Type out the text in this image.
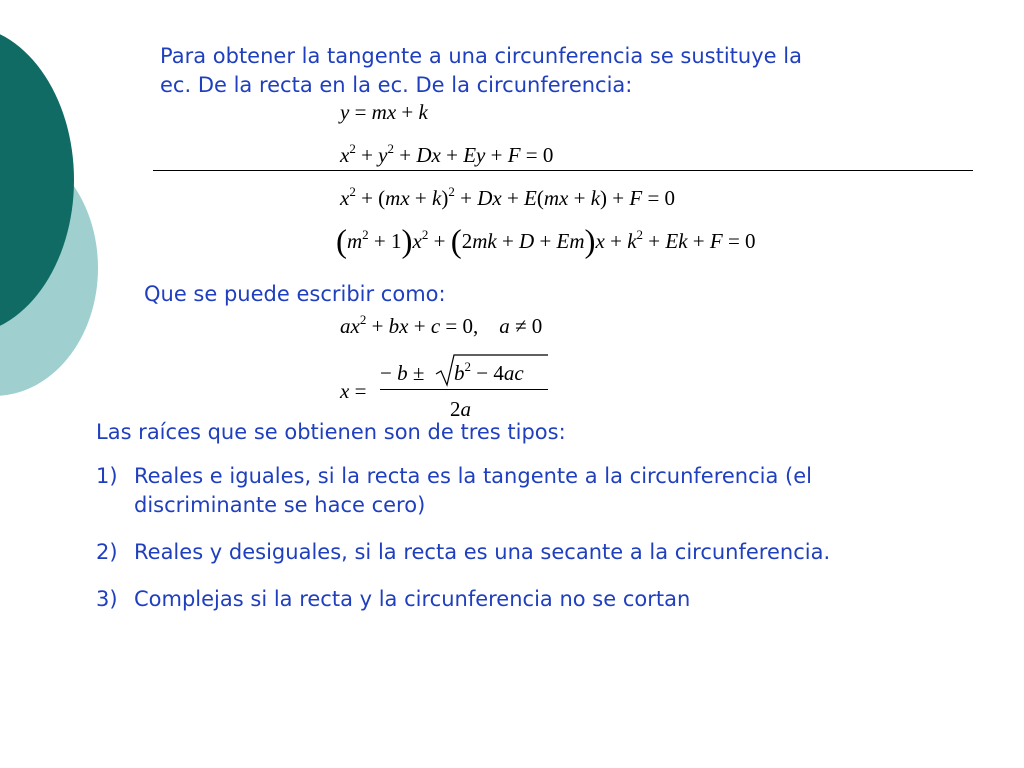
Para obtener la tangente a una circunferencia se sustituye la
ec. De la recta en la ec. De la circunferencia:

y = mx + k
$x^2 + y^2 + Dx + Ey + F = 0$
$x^2 + (mx + k)^2 + Dx + E(mx + k) + F = 0$
$(m^2 + 1)x^2 + (2mk + D + Em)x + k^2 + Ek + F = 0$

Que se puede escribir como:

$ax^2$ + bx + c = 0,    a ≠ 0
x =
− $b \pm b^2 - 4ac$
2a

Las raíces que se obtienen son de tres tipos:

1) Reales e iguales, si la recta es la tangente a la circunferencia (el
discriminante se hace cero)
2) Reales y desiguales, si la recta es una secante a la circunferencia.
3) Complejas si la recta y la circunferencia no se cortan
